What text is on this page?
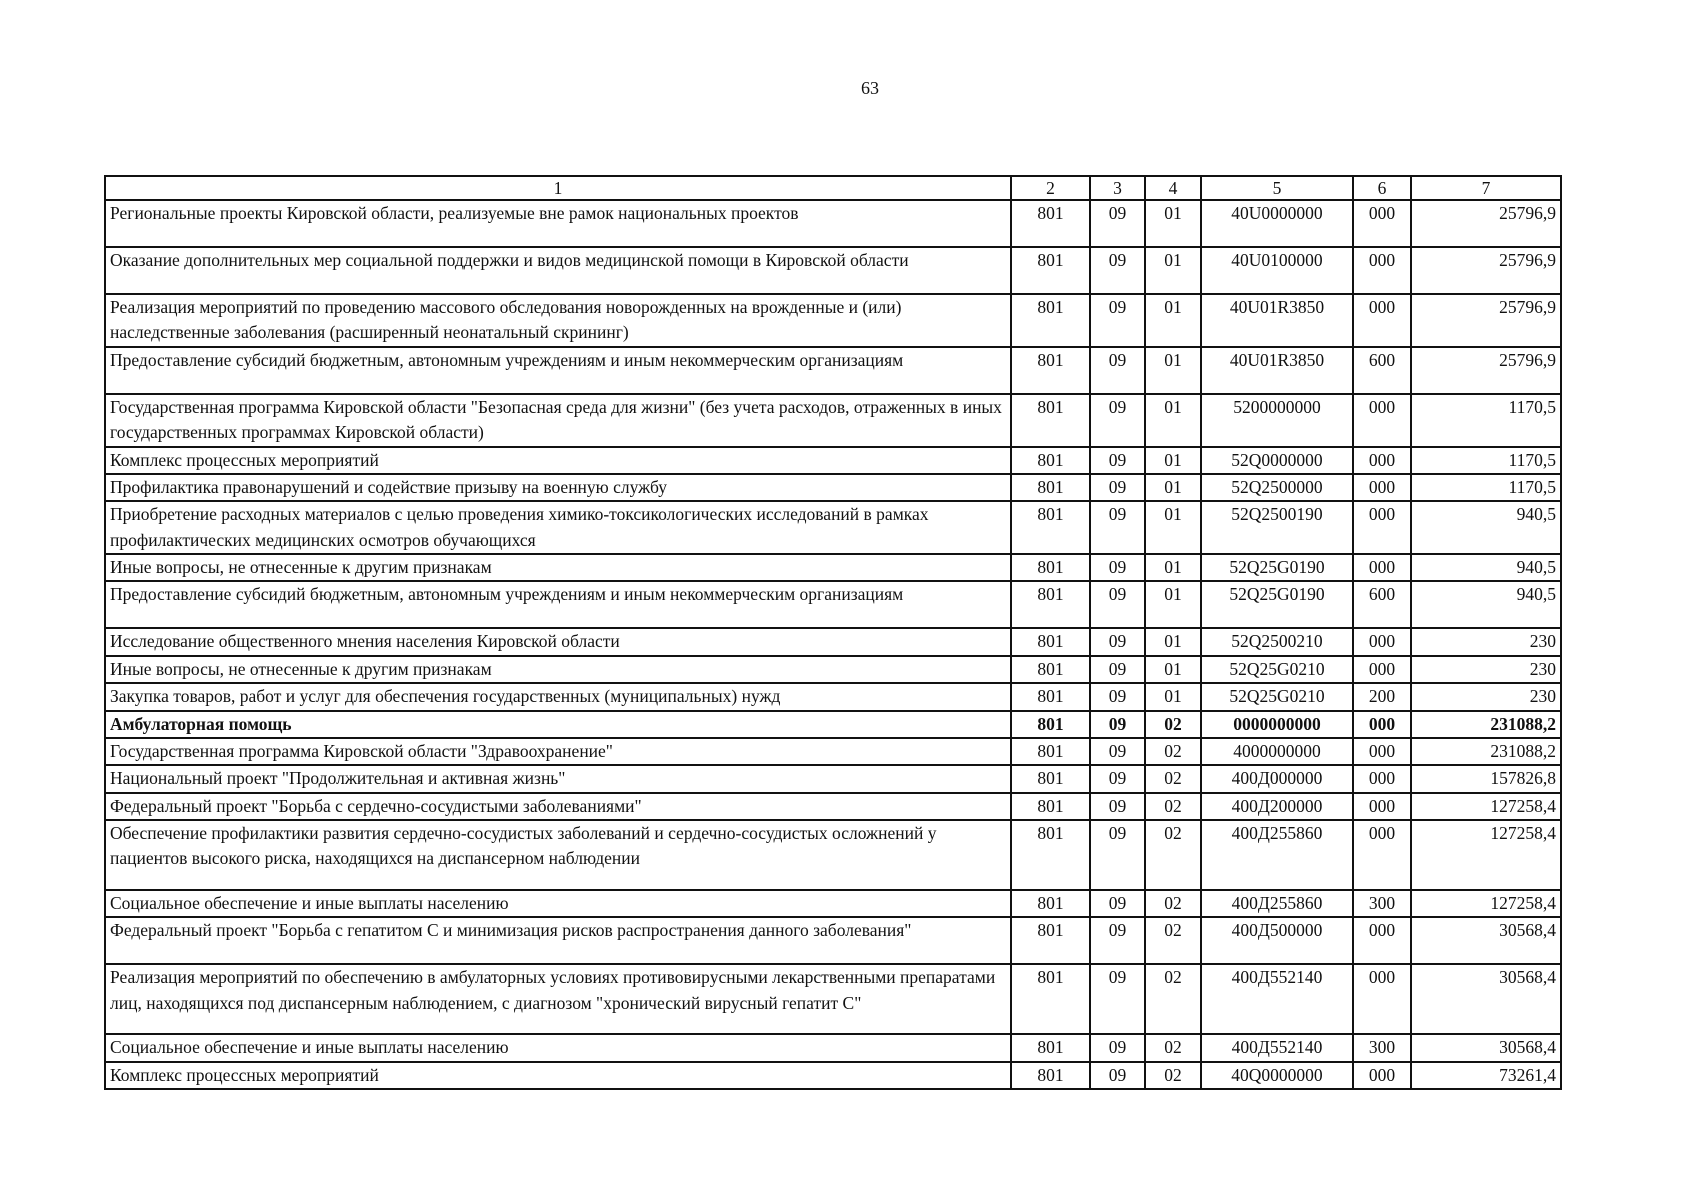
63
1	2	3	4	5	6	7
Региональные проекты Кировской области, реализуемые вне рамок национальных проектов	801	09	01	40U0000000	000	25796,9
Оказание дополнительных мер социальной поддержки и видов медицинской помощи в Кировской области	801	09	01	40U0100000	000	25796,9
Реализация мероприятий по проведению массового обследования новорожденных на врожденные и (или) наследственные заболевания (расширенный неонатальный скрининг)	801	09	01	40U01R3850	000	25796,9
Предоставление субсидий бюджетным, автономным учреждениям и иным некоммерческим организациям	801	09	01	40U01R3850	600	25796,9
Государственная программа Кировской области "Безопасная среда для жизни" (без учета расходов, отраженных в иных государственных программах Кировской области)	801	09	01	5200000000	000	1170,5
Комплекс процессных мероприятий	801	09	01	52Q0000000	000	1170,5
Профилактика правонарушений и содействие призыву на военную службу	801	09	01	52Q2500000	000	1170,5
Приобретение расходных материалов с целью проведения химико-токсикологических исследований в рамках профилактических медицинских осмотров обучающихся	801	09	01	52Q2500190	000	940,5
Иные вопросы, не отнесенные к другим признакам	801	09	01	52Q25G0190	000	940,5
Предоставление субсидий бюджетным, автономным учреждениям и иным некоммерческим организациям	801	09	01	52Q25G0190	600	940,5
Исследование общественного мнения населения Кировской области	801	09	01	52Q2500210	000	230
Иные вопросы, не отнесенные к другим признакам	801	09	01	52Q25G0210	000	230
Закупка товаров, работ и услуг для обеспечения государственных (муниципальных) нужд	801	09	01	52Q25G0210	200	230
Амбулаторная помощь	801	09	02	0000000000	000	231088,2
Государственная программа Кировской области "Здравоохранение"	801	09	02	4000000000	000	231088,2
Национальный проект "Продолжительная и активная жизнь"	801	09	02	400Д000000	000	157826,8
Федеральный проект "Борьба с сердечно-сосудистыми заболеваниями"	801	09	02	400Д200000	000	127258,4
Обеспечение профилактики развития сердечно-сосудистых заболеваний и сердечно-сосудистых осложнений у пациентов высокого риска, находящихся на диспансерном наблюдении	801	09	02	400Д255860	000	127258,4
Социальное обеспечение и иные выплаты населению	801	09	02	400Д255860	300	127258,4
Федеральный проект "Борьба с гепатитом С и минимизация рисков распространения данного заболевания"	801	09	02	400Д500000	000	30568,4
Реализация мероприятий по обеспечению в амбулаторных условиях противовирусными лекарственными препаратами лиц, находящихся под диспансерным наблюдением, с диагнозом "хронический вирусный гепатит С"	801	09	02	400Д552140	000	30568,4
Социальное обеспечение и иные выплаты населению	801	09	02	400Д552140	300	30568,4
Комплекс процессных мероприятий	801	09	02	40Q0000000	000	73261,4
